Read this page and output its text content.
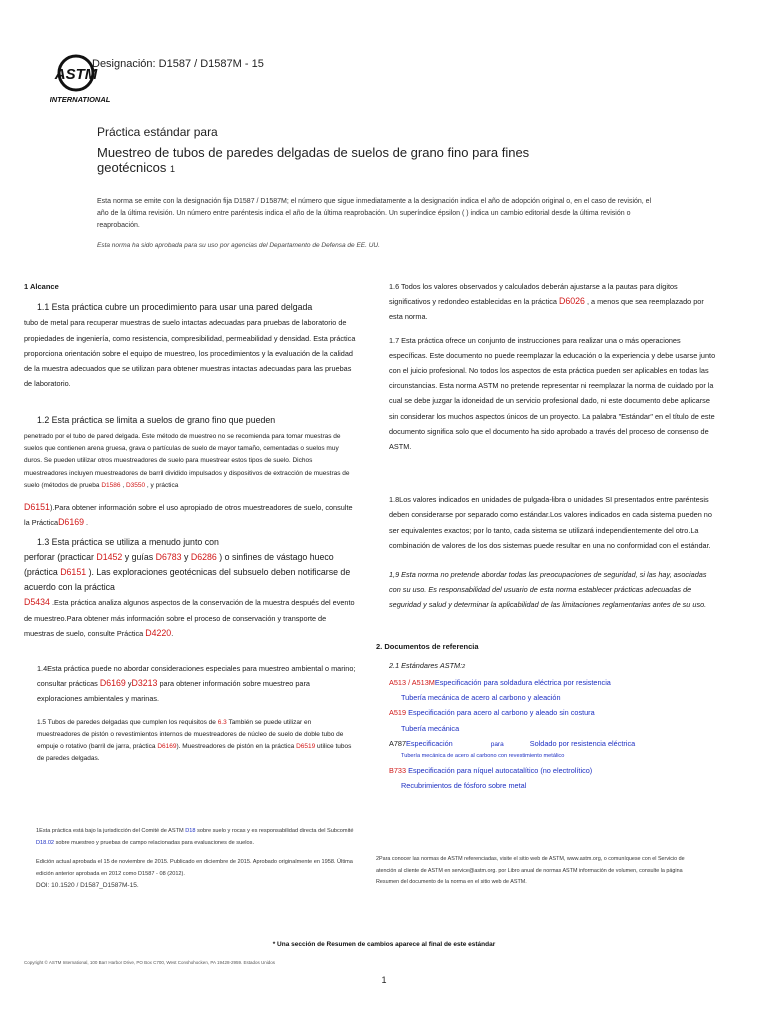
ASTM
INTERNATIONAL
Designación: D1587 / D1587M - 15
Práctica estándar para
Muestreo de tubos de paredes delgadas de suelos de grano fino para fines geotécnicos 1
Esta norma se emite con la designación fija D1587 / D1587M; el número que sigue inmediatamente a la designación indica el año de adopción original o, en el caso de revisión, el año de la última revisión. Un número entre paréntesis indica el año de la última reaprobación. Un superíndice épsilon ( ) indica un cambio editorial desde la última revisión o reaprobación.
Esta norma ha sido aprobada para su uso por agencias del Departamento de Defensa de EE. UU.

1 Alcance

1.1 Esta práctica cubre un procedimiento para usar una pared delgada

tubo de metal para recuperar muestras de suelo intactas adecuadas para pruebas de laboratorio de propiedades de ingeniería, como resistencia, compresibilidad, permeabilidad y densidad. Esta práctica proporciona orientación sobre el equipo de muestreo, los procedimientos y la evaluación de la calidad de la muestra adecuados que se utilizan para obtener muestras intactas adecuadas para las pruebas de laboratorio.

1.2 Esta práctica se limita a suelos de grano fino que pueden

penetrado por el tubo de pared delgada. Este método de muestreo no se recomienda para tomar muestras de suelos que contienen arena gruesa, grava o partículas de suelo de mayor tamaño, cementadas o suelos muy duros. Se pueden utilizar otros muestreadores de suelo para muestrear estos tipos de suelo. Dichos muestreadores incluyen muestreadores de barril dividido impulsados y dispositivos de extracción de muestras de suelo (métodos de prueba D1586 , D3550 , y práctica

D6151).Para obtener información sobre el uso apropiado de otros muestreadores de suelo, consulte la PrácticaD6169 .

1.3 Esta práctica se utiliza a menudo junto con

perforar (practicar D1452 y guías D6783 y D6286 ) o sinfines de vástago hueco (práctica D6151 ). Las exploraciones geotécnicas del subsuelo deben notificarse de acuerdo con la práctica

D5434 .Esta práctica analiza algunos aspectos de la conservación de la muestra después del evento de muestreo.Para obtener más información sobre el proceso de conservación y transporte de muestras de suelo, consulte Práctica D4220.

1.4Esta práctica puede no abordar consideraciones especiales para muestreo ambiental o marino; consultar prácticas D6169 yD3213 para obtener información sobre muestreo para exploraciones ambientales y marinas.

1.5 Tubos de paredes delgadas que cumplen los requisitos de 6.3 También se puede utilizar en muestreadores de pistón o revestimientos internos de muestreadores de núcleo de suelo de doble tubo de empuje o rotativo (barril de jarra, práctica D6169). Muestreadores de pistón en la práctica D6519 utilice tubos de paredes delgadas.

1Esta práctica está bajo la jurisdicción del Comité de ASTM D18 sobre suelo y rocas y es responsabilidad directa del Subcomité D18.02 sobre muestreo y pruebas de campo relacionadas para evaluaciones de suelos.
Edición actual aprobada el 15 de noviembre de 2015. Publicado en diciembre de 2015. Aprobado originalmente en 1958. Última edición anterior aprobada en 2012 como D1587 - 08 (2012).
DOI: 10.1520 / D1587_D1587M-15.

1.6 Todos los valores observados y calculados deberán ajustarse a la pautas para dígitos significativos y redondeo establecidas en la práctica D6026 , a menos que sea reemplazado por esta norma.

1.7 Esta práctica ofrece un conjunto de instrucciones para realizar una o más operaciones específicas. Este documento no puede reemplazar la educación o la experiencia y debe usarse junto con el juicio profesional. No todos los aspectos de esta práctica pueden ser aplicables en todas las circunstancias. Esta norma ASTM no pretende representar ni reemplazar la norma de cuidado por la cual se debe juzgar la idoneidad de un servicio profesional dado, ni este documento debe aplicarse sin considerar los muchos aspectos únicos de un proyecto. La palabra "Estándar" en el título de este documento significa solo que el documento ha sido aprobado a través del proceso de consenso de ASTM.

1.8Los valores indicados en unidades de pulgada-libra o unidades SI presentados entre paréntesis deben considerarse por separado como estándar.Los valores indicados en cada sistema pueden no ser equivalentes exactos; por lo tanto, cada sistema se utilizará independientemente del otro.La combinación de valores de los dos sistemas puede resultar en una no conformidad con el estándar.

1,9 Esta norma no pretende abordar todas las preocupaciones de seguridad, si las hay, asociadas con su uso. Es responsabilidad del usuario de esta norma establecer prácticas adecuadas de seguridad y salud y determinar la aplicabilidad de las limitaciones reglamentarias antes de su uso.

2. Documentos de referencia

2.1 Estándares ASTM:2

A513 / A513MEspecificación para soldadura eléctrica por resistencia

Tubería mecánica de acero al carbono y aleación

A519 Especificación para acero al carbono y aleado sin costura

Tubería mecánica

A787Especificación	para	Soldado por resistencia eléctrica

Tubería mecánica de acero al carbono con revestimiento metálico

B733 Especificación para níquel autocatalítico (no electrolítico)

Recubrimientos de fósforo sobre metal

2Para conocer las normas de ASTM referenciadas, visite el sitio web de ASTM, www.astm.org, o comuníquese con el Servicio de atención al cliente de ASTM en service@astm.org. por Libro anual de normas ASTM información de volumen, consulte la página Resumen del documento de la norma en el sitio web de ASTM.
* Una sección de Resumen de cambios aparece al final de este estándar
Copyright © ASTM International, 100 Barr Harbor Drive, PO Box C700, West Conshohocken, PA 19428-2959. Estados Unidos
1
